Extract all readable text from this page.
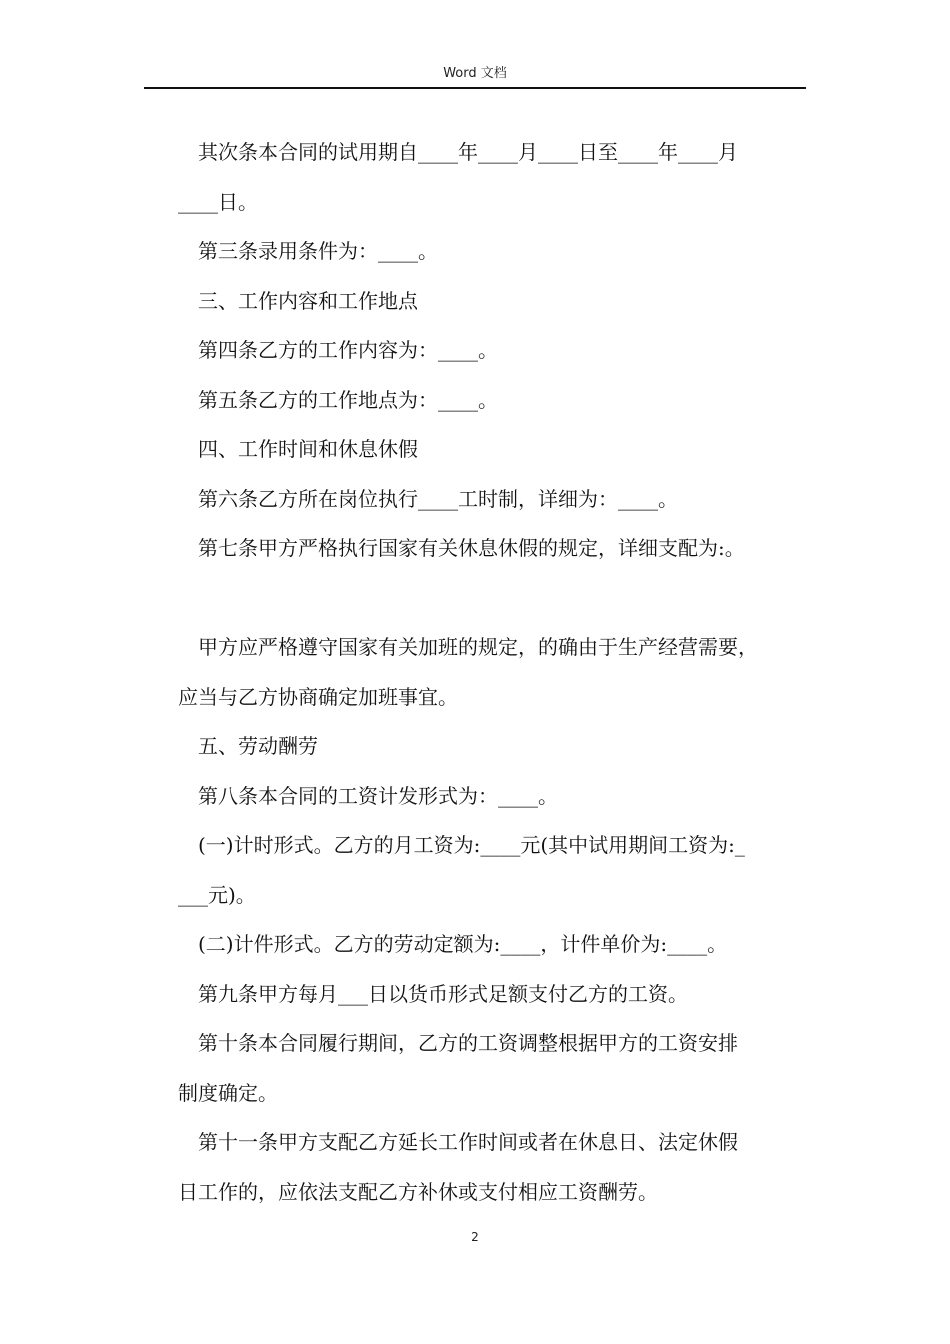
Word 文档

其次条本合同的试用期自____年____月____日至____年____月

____日。

第三条录用条件为：____。

三、工作内容和工作地点

第四条乙方的工作内容为：____。

第五条乙方的工作地点为：____。

四、工作时间和休息休假

第六条乙方所在岗位执行____工时制，详细为：____。

第七条甲方严格执行国家有关休息休假的规定，详细支配为:。

甲方应严格遵守国家有关加班的规定，的确由于生产经营需要，

应当与乙方协商确定加班事宜。

五、劳动酬劳

第八条本合同的工资计发形式为：____。

(一)计时形式。乙方的月工资为:____元(其中试用期间工资为:_

___元)。

(二)计件形式。乙方的劳动定额为:____，计件单价为:____。

第九条甲方每月___日以货币形式足额支付乙方的工资。

第十条本合同履行期间，乙方的工资调整根据甲方的工资安排

制度确定。

第十一条甲方支配乙方延长工作时间或者在休息日、法定休假

日工作的，应依法支配乙方补休或支付相应工资酬劳。

2
